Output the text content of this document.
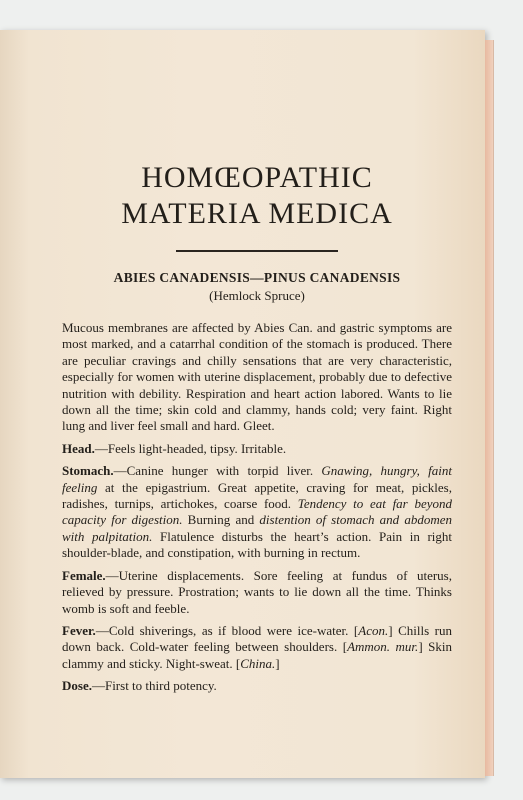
HOMŒOPATHIC
MATERIA MEDICA
ABIES CANADENSIS—PINUS CANADENSIS
(Hemlock Spruce)

Mucous membranes are affected by Abies Can. and gastric symptoms are most marked, and a catarrhal condition of the stomach is produced. There are peculiar cravings and chilly sensations that are very characteristic, especially for women with uterine displacement, probably due to defective nutrition with debility. Respiration and heart action labored. Wants to lie down all the time; skin cold and clammy, hands cold; very faint. Right lung and liver feel small and hard. Gleet.

Head.—Feels light-headed, tipsy. Irritable.

Stomach.—Canine hunger with torpid liver. Gnawing, hungry, faint feeling at the epigastrium. Great appetite, craving for meat, pickles, radishes, turnips, artichokes, coarse food. Tendency to eat far beyond capacity for digestion. Burning and distention of stomach and abdomen with palpitation. Flatulence disturbs the heart’s action. Pain in right shoulder-blade, and constipation, with burning in rectum.

Female.—Uterine displacements. Sore feeling at fundus of uterus, relieved by pressure. Prostration; wants to lie down all the time. Thinks womb is soft and feeble.

Fever.—Cold shiverings, as if blood were ice-water. [Acon.] Chills run down back. Cold-water feeling between shoulders. [Ammon. mur.] Skin clammy and sticky. Night-sweat. [China.]

Dose.—First to third potency.
